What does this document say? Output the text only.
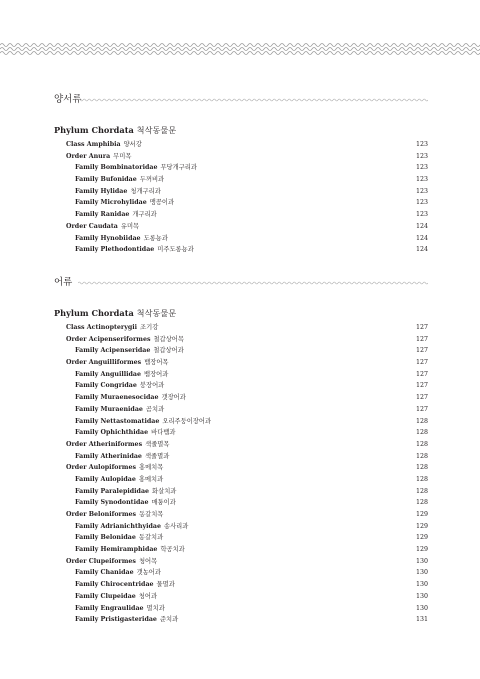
양서류
Phylum Chordata 척삭동물문
Class Amphibia 양서강	123
Order Anura 무미목	123
Family Bombinatoridae 무당개구리과	123
Family Bufonidae 두꺼비과	123
Family Hylidae 청개구리과	123
Family Microhylidae 맹꽁이과	123
Family Ranidae 개구리과	123
Order Caudata 유미목	124
Family Hynobiidae 도롱뇽과	124
Family Plethodontidae 미주도롱뇽과	124
어류
Phylum Chordata 척삭동물문
Class Actinopterygii 조기강	127
Order Acipenseriformes 철갑상어목	127
Family Acipenseridae 철갑상어과	127
Order Anguilliformes 뱀장어목	127
Family Anguillidae 뱀장어과	127
Family Congridae 붕장어과	127
Family Muraenesocidae 갯장어과	127
Family Muraenidae 곰치과	127
Family Nettastomatidae 오리주둥이장어과	128
Family Ophichthidae 바다뱀과	128
Order Atheriniformes 색줄멸목	128
Family Atherinidae 색줄멸과	128
Order Aulopiformes 홍메치목	128
Family Aulopidae 홍메치과	128
Family Paralepididae 화살치과	128
Family Synodontidae 매퉁이과	128
Order Beloniformes 동갈치목	129
Family Adrianichthyidae 송사리과	129
Family Belonidae 동갈치과	129
Family Hemiramphidae 학공치과	129
Order Clupeiformes 청어목	130
Family Chanidae 갯농어과	130
Family Chirocentridae 물멸과	130
Family Clupeidae 청어과	130
Family Engraulidae 멸치과	130
Family Pristigasteridae 준치과	131
